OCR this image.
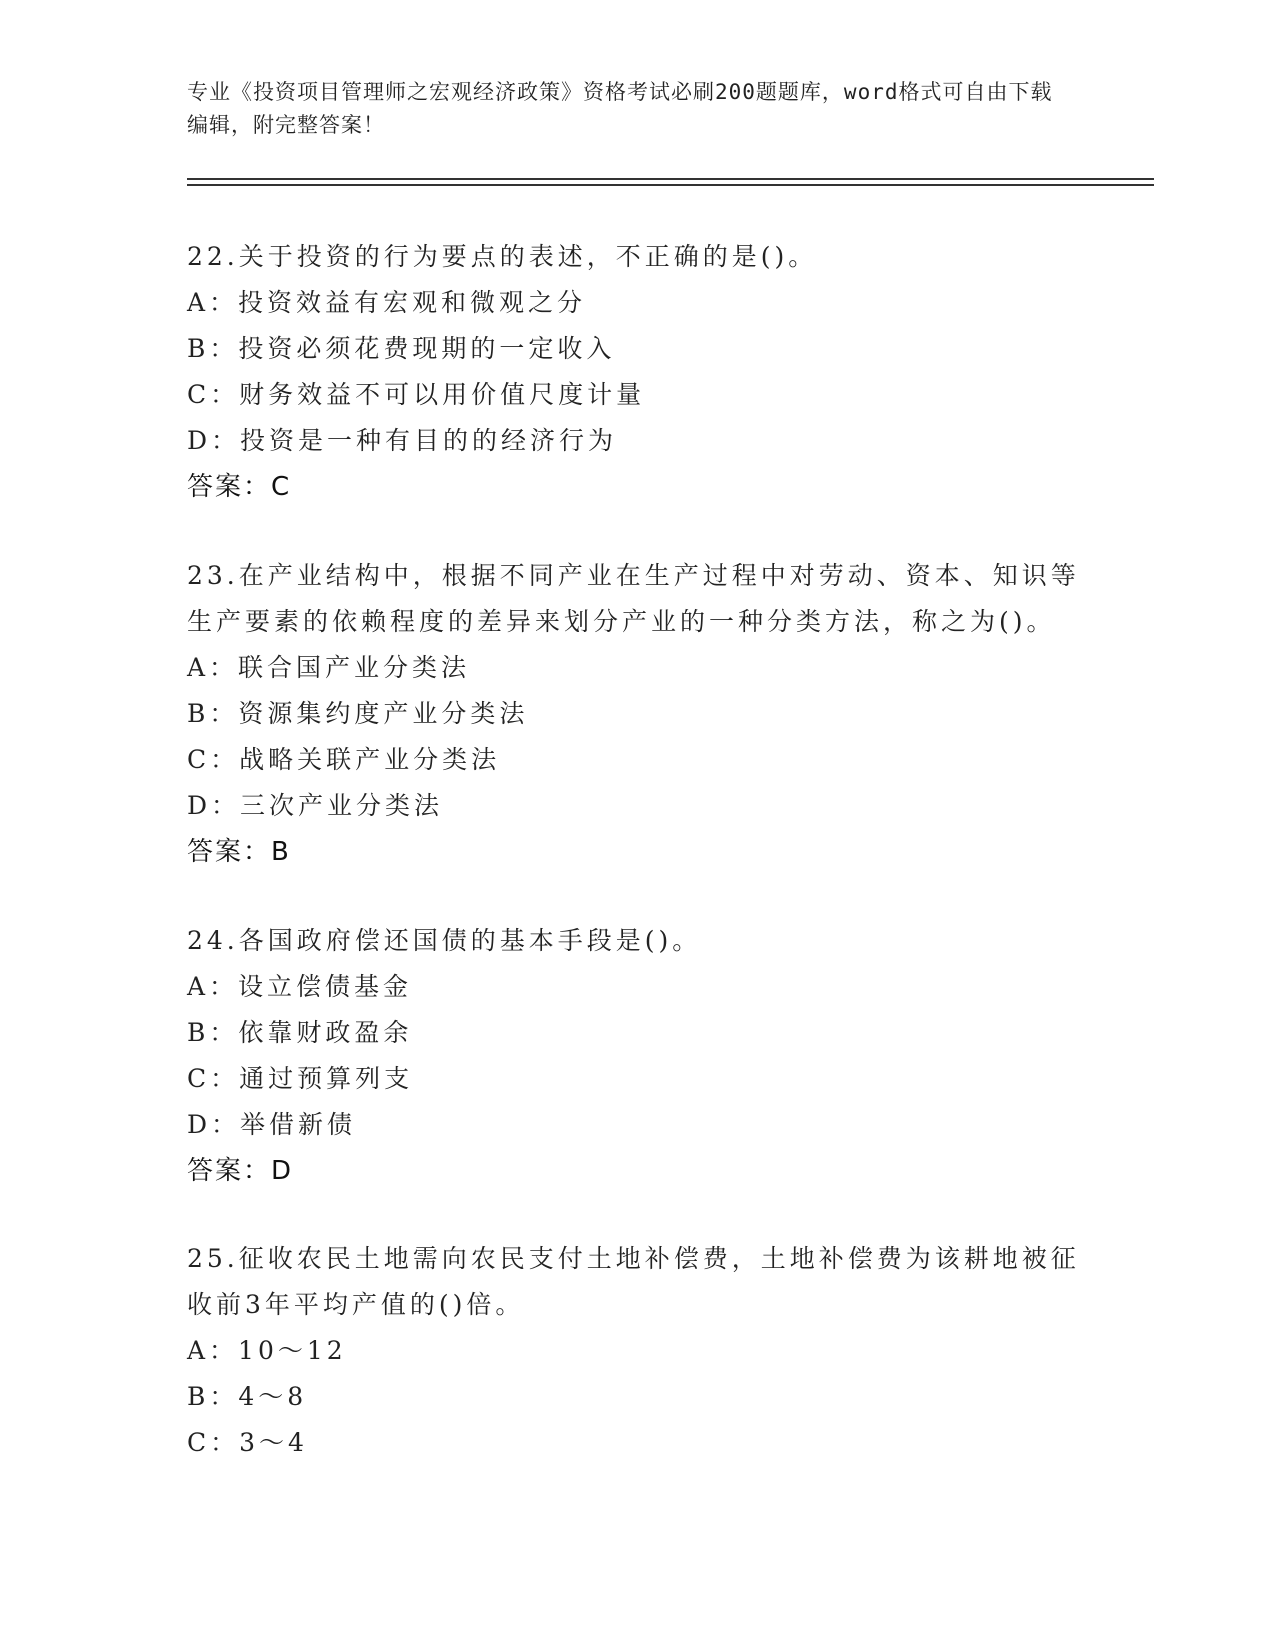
专业《投资项目管理师之宏观经济政策》资格考试必刷200题题库，word格式可自由下载编辑，附完整答案！

22.关于投资的行为要点的表述，不正确的是()。

A：投资效益有宏观和微观之分

B：投资必须花费现期的一定收入

C：财务效益不可以用价值尺度计量

D：投资是一种有目的的经济行为

答案：C

23.在产业结构中，根据不同产业在生产过程中对劳动、资本、知识等生产要素的依赖程度的差异来划分产业的一种分类方法，称之为()。

A：联合国产业分类法

B：资源集约度产业分类法

C：战略关联产业分类法

D：三次产业分类法

答案：B

24.各国政府偿还国债的基本手段是()。

A：设立偿债基金

B：依靠财政盈余

C：通过预算列支

D：举借新债

答案：D

25.征收农民土地需向农民支付土地补偿费，土地补偿费为该耕地被征收前3年平均产值的()倍。

A：10～12

B：4～8

C：3～4
